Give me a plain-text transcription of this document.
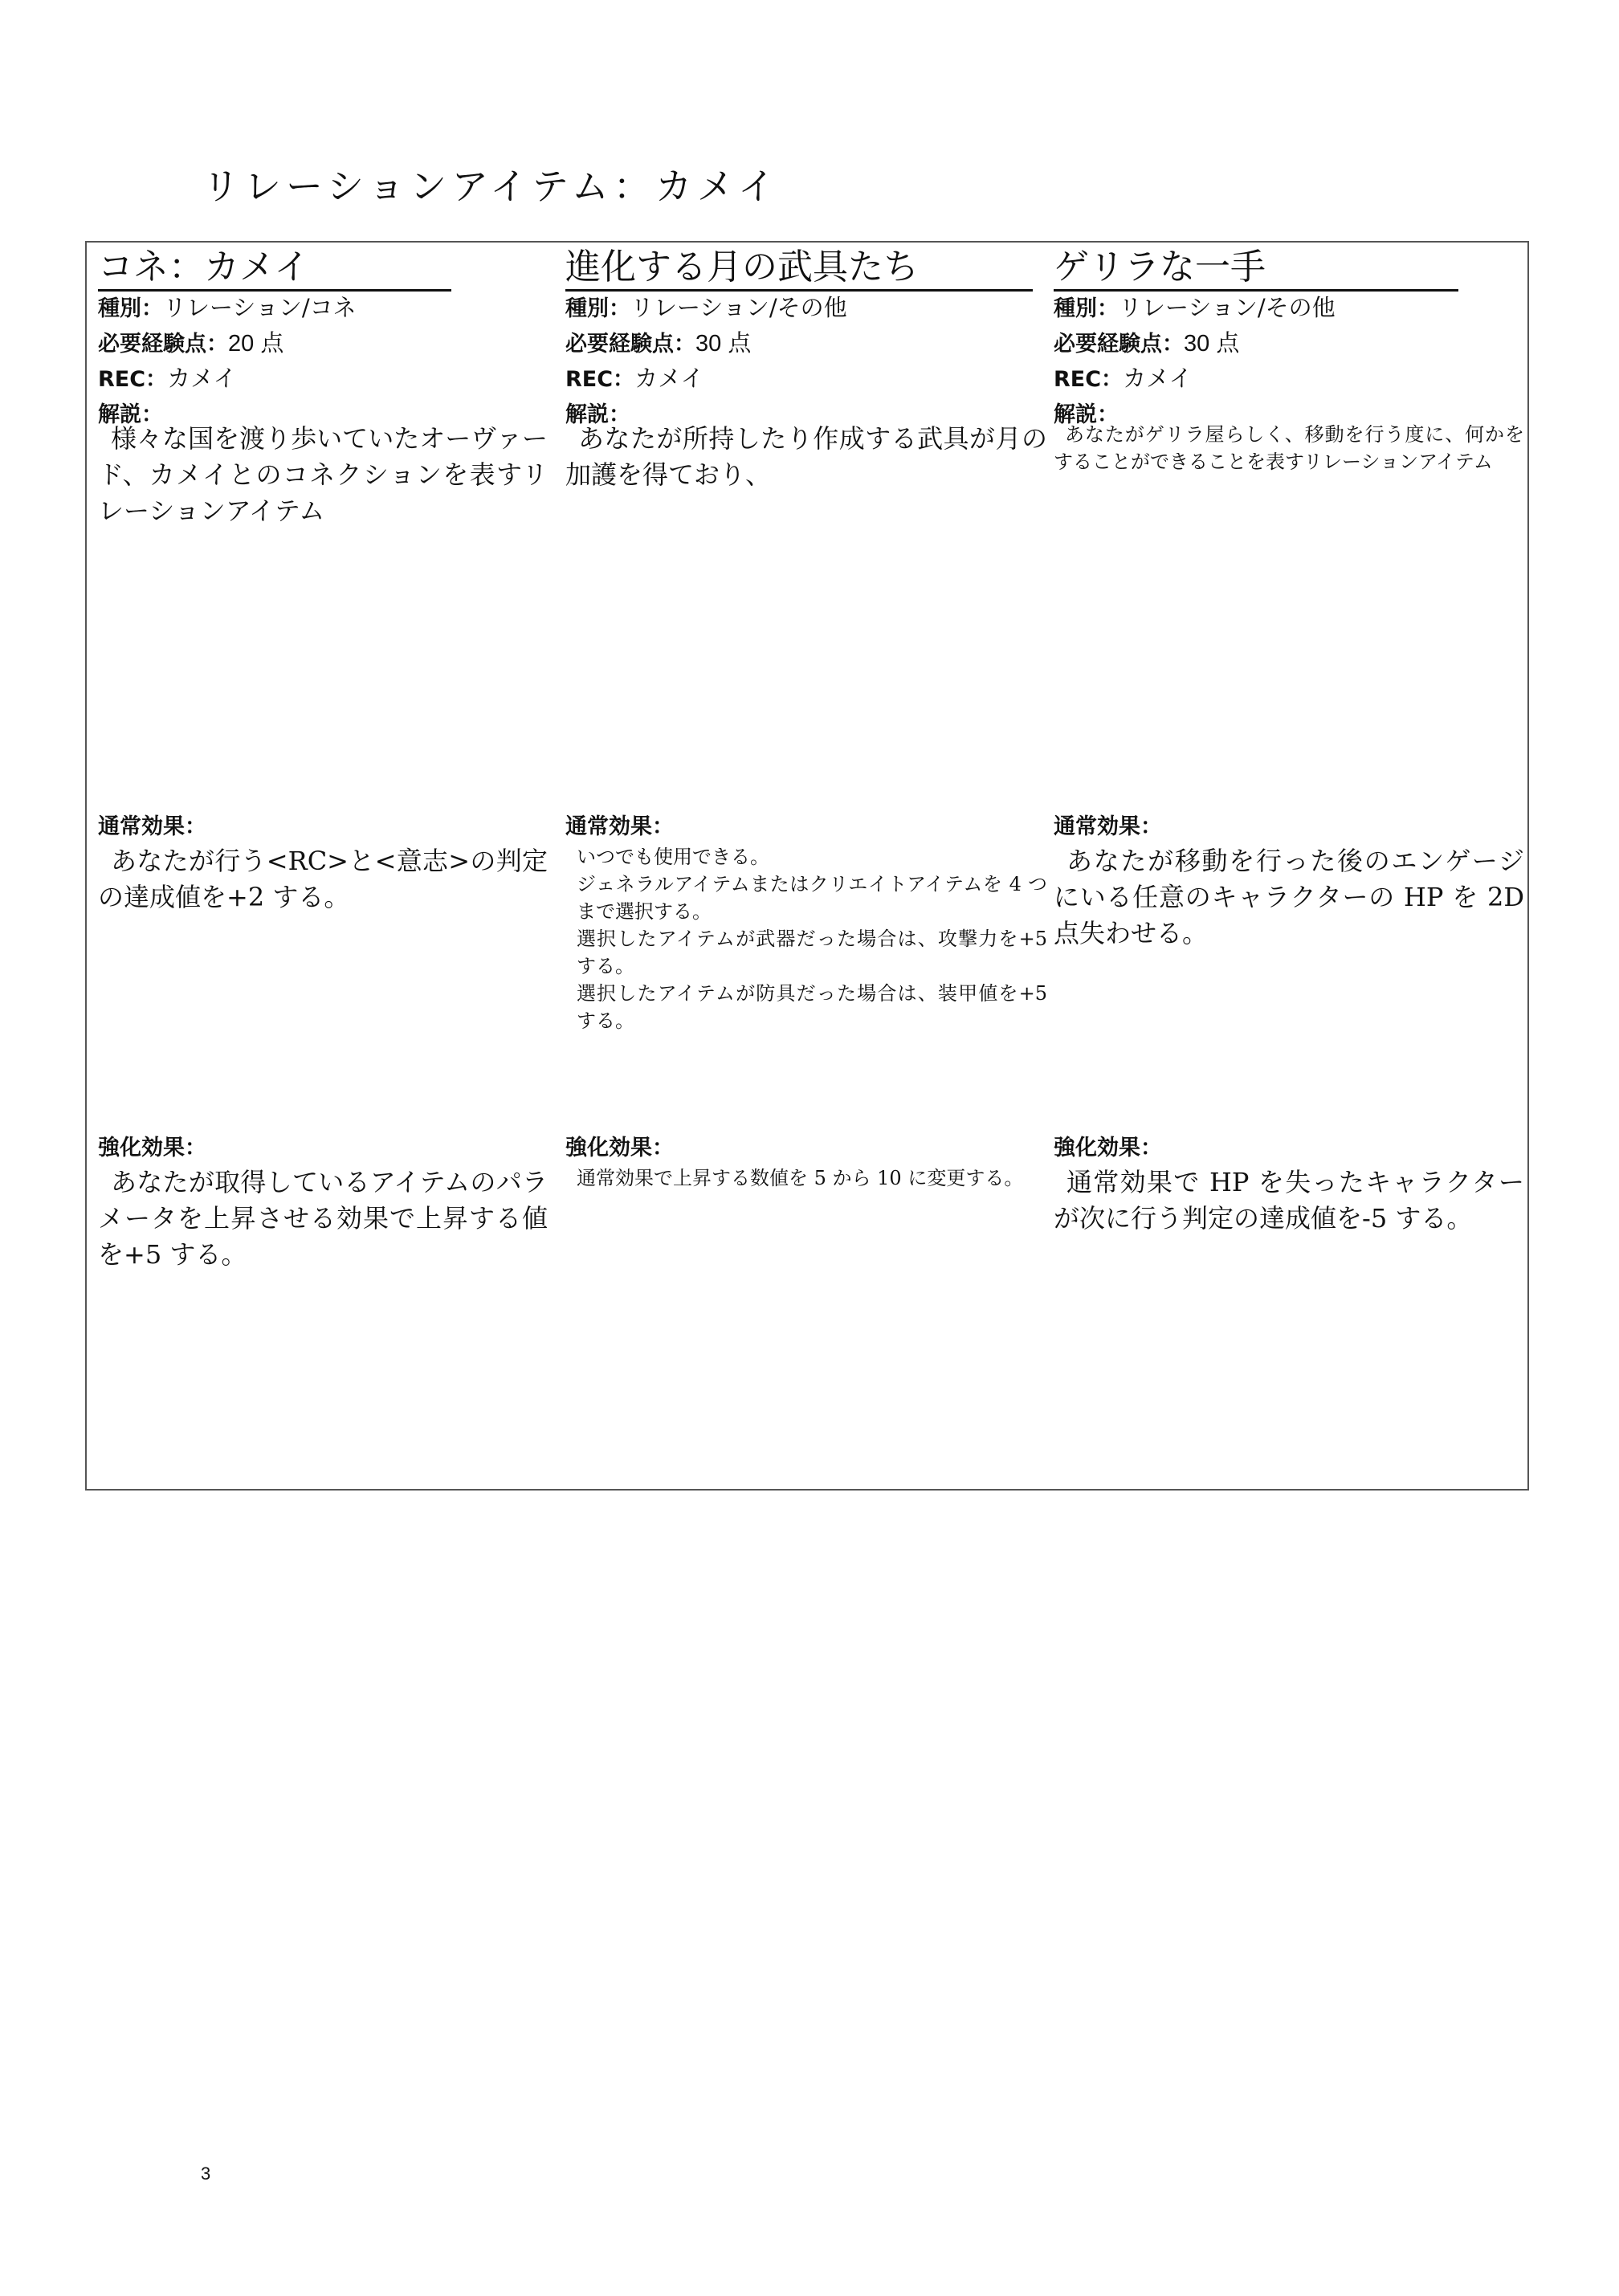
リレーションアイテム：カメイ
コネ：カメイ
種別：リレーション/コネ
必要経験点：20 点
REC：カメイ
解説：
様々な国を渡り歩いていたオーヴァード、カメイとのコネクションを表すリレーションアイテム
通常効果：
あなたが行う<RC>と<意志>の判定の達成値を+2 する。
強化効果：
あなたが取得しているアイテムのパラメータを上昇させる効果で上昇する値を+5 する。
進化する月の武具たち
種別：リレーション/その他
必要経験点：30 点
REC：カメイ
解説：
あなたが所持したり作成する武具が月の加護を得ており、
通常効果：
いつでも使用できる。
ジェネラルアイテムまたはクリエイトアイテムを 4 つまで選択する。
選択したアイテムが武器だった場合は、攻撃力を+5 する。
選択したアイテムが防具だった場合は、装甲値を+5 する。
強化効果：
通常効果で上昇する数値を 5 から 10 に変更する。
ゲリラな一手
種別：リレーション/その他
必要経験点：30 点
REC：カメイ
解説：
あなたがゲリラ屋らしく、移動を行う度に、何かをすることができることを表すリレーションアイテム
通常効果：
あなたが移動を行った後のエンゲージにいる任意のキャラクターの HP を 2D 点失わせる。
強化効果：
通常効果で HP を失ったキャラクターが次に行う判定の達成値を-5 する。
3
